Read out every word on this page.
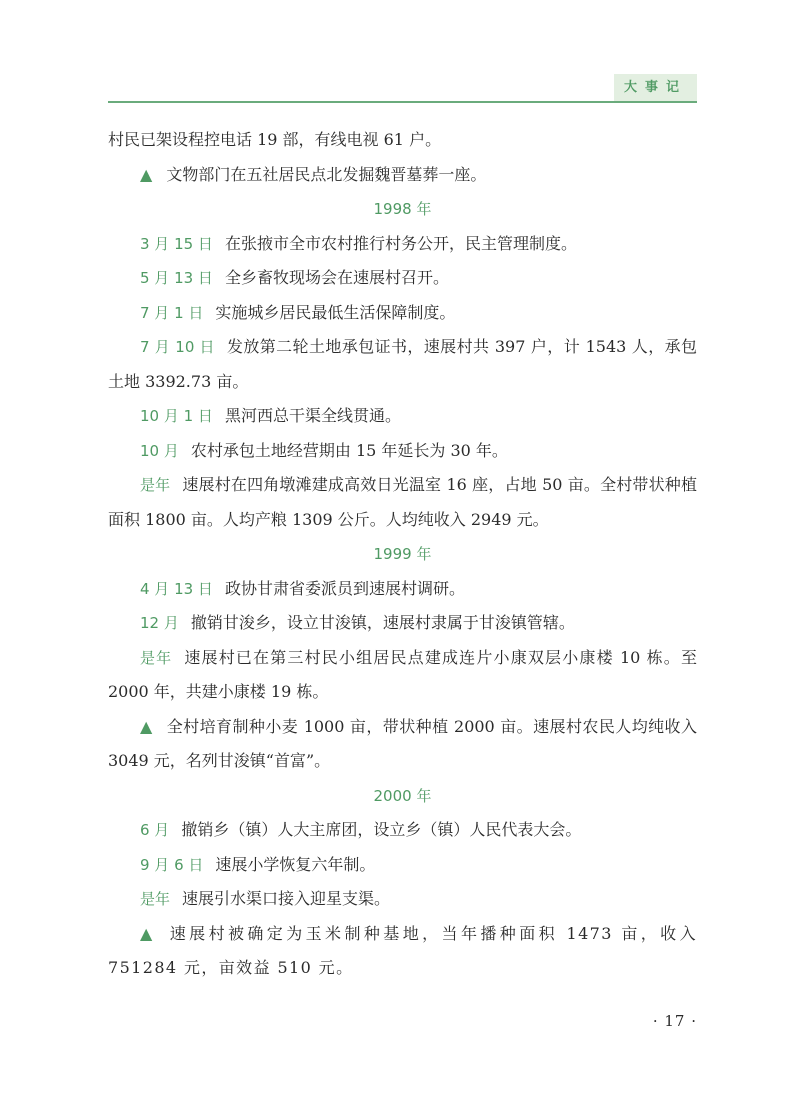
大事记

村民已架设程控电话 19 部，有线电视 61 户。

▲ 文物部门在五社居民点北发掘魏晋墓葬一座。

1998 年

3 月 15 日 在张掖市全市农村推行村务公开，民主管理制度。

5 月 13 日 全乡畜牧现场会在速展村召开。

7 月 1 日 实施城乡居民最低生活保障制度。

7 月 10 日 发放第二轮土地承包证书，速展村共 397 户，计 1543 人，承包土地 3392.73 亩。

10 月 1 日 黑河西总干渠全线贯通。

10 月 农村承包土地经营期由 15 年延长为 30 年。

是年 速展村在四角墩滩建成高效日光温室 16 座，占地 50 亩。全村带状种植面积 1800 亩。人均产粮 1309 公斤。人均纯收入 2949 元。

1999 年

4 月 13 日 政协甘肃省委派员到速展村调研。

12 月 撤销甘浚乡，设立甘浚镇，速展村隶属于甘浚镇管辖。

是年 速展村已在第三村民小组居民点建成连片小康双层小康楼 10 栋。至 2000 年，共建小康楼 19 栋。

▲ 全村培育制种小麦 1000 亩，带状种植 2000 亩。速展村农民人均纯收入 3049 元，名列甘浚镇“首富”。

2000 年

6 月 撤销乡（镇）人大主席团，设立乡（镇）人民代表大会。

9 月 6 日 速展小学恢复六年制。

是年 速展引水渠口接入迎星支渠。

▲ 速展村被确定为玉米制种基地，当年播种面积 1473 亩，收入 751284 元，亩效益 510 元。

· 17 ·
